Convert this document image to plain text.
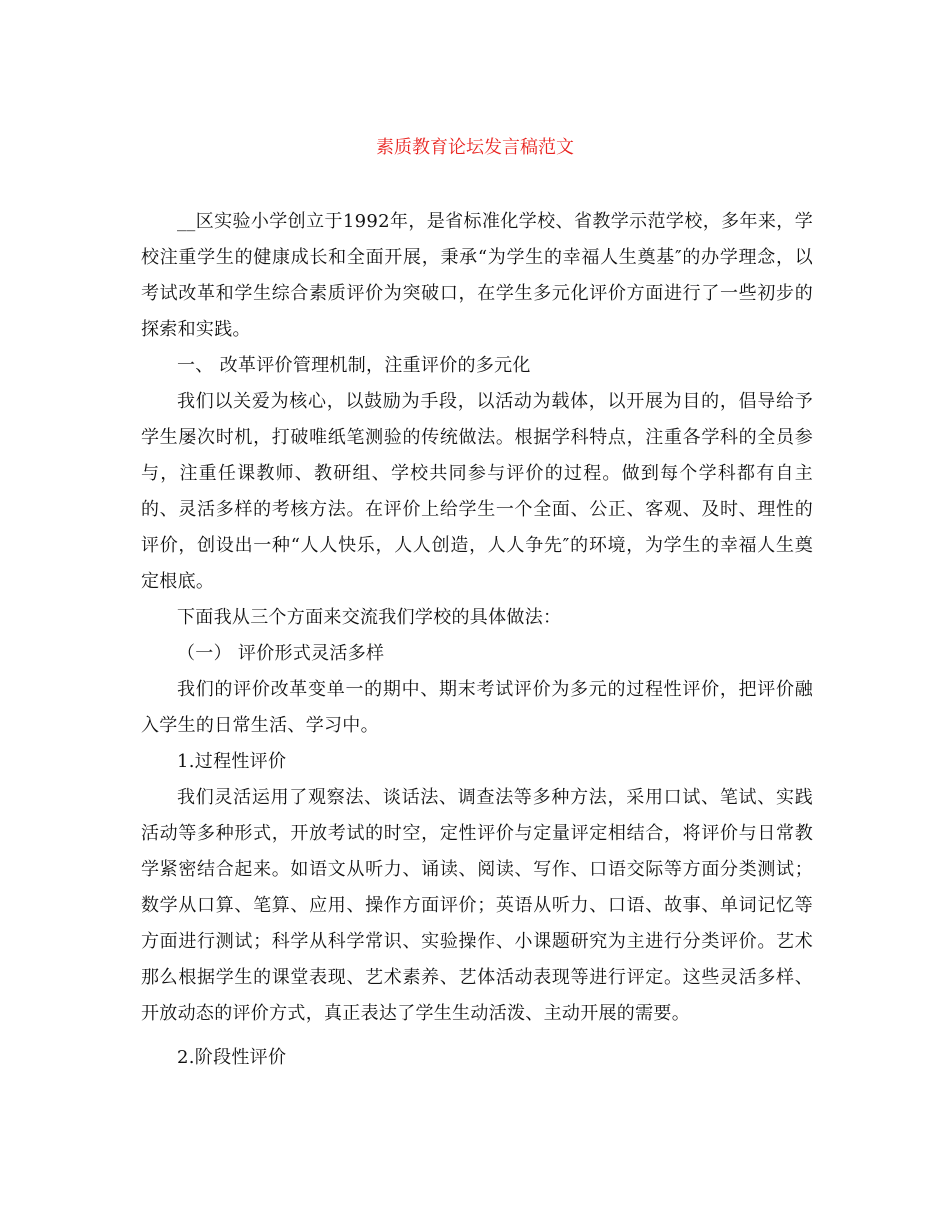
素质教育论坛发言稿范文

__区实验小学创立于1992年，是省标准化学校、省教学示范学校，多年来，学校注重学生的健康成长和全面开展，秉承“为学生的幸福人生奠基″的办学理念，以考试改革和学生综合素质评价为突破口，在学生多元化评价方面进行了一些初步的探索和实践。

一、 改革评价管理机制，注重评价的多元化

我们以关爱为核心，以鼓励为手段，以活动为载体，以开展为目的，倡导给予学生屡次时机，打破唯纸笔测验的传统做法。根据学科特点，注重各学科的全员参与，注重任课教师、教研组、学校共同参与评价的过程。做到每个学科都有自主的、灵活多样的考核方法。在评价上给学生一个全面、公正、客观、及时、理性的评价，创设出一种“人人快乐，人人创造，人人争先″的环境，为学生的幸福人生奠定根底。

下面我从三个方面来交流我们学校的具体做法：

（一） 评价形式灵活多样

我们的评价改革变单一的期中、期末考试评价为多元的过程性评价，把评价融入学生的日常生活、学习中。

1.过程性评价

我们灵活运用了观察法、谈话法、调查法等多种方法，采用口试、笔试、实践活动等多种形式，开放考试的时空，定性评价与定量评定相结合，将评价与日常教学紧密结合起来。如语文从听力、诵读、阅读、写作、口语交际等方面分类测试；数学从口算、笔算、应用、操作方面评价；英语从听力、口语、故事、单词记忆等方面进行测试；科学从科学常识、实验操作、小课题研究为主进行分类评价。艺术那么根据学生的课堂表现、艺术素养、艺体活动表现等进行评定。这些灵活多样、开放动态的评价方式，真正表达了学生生动活泼、主动开展的需要。

2.阶段性评价
